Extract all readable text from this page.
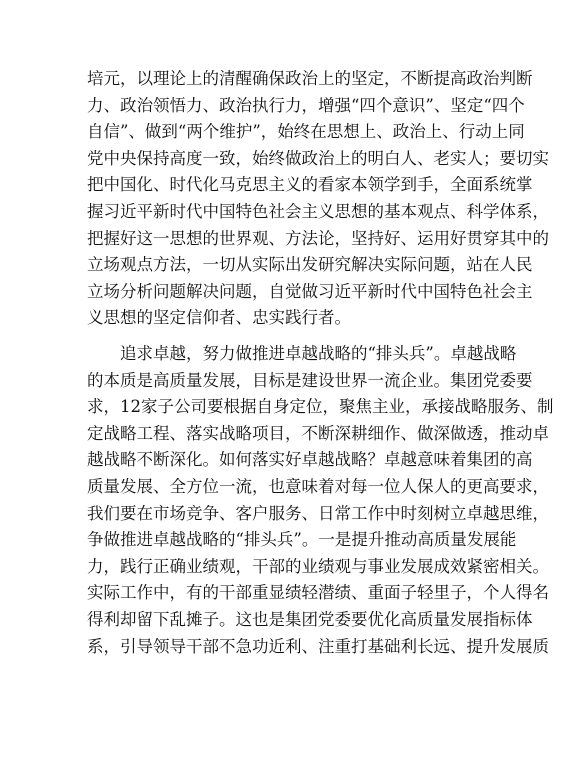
培元，以理论上的清醒确保政治上的坚定，不断提高政治判断
力、政治领悟力、政治执行力，增强“四个意识”、坚定“四个
自信”、做到“两个维护”，始终在思想上、政治上、行动上同
党中央保持高度一致，始终做政治上的明白人、老实人；要切实
把中国化、时代化马克思主义的看家本领学到手，全面系统掌
握习近平新时代中国特色社会主义思想的基本观点、科学体系，
把握好这一思想的世界观、方法论，坚持好、运用好贯穿其中的
立场观点方法，一切从实际出发研究解决实际问题，站在人民
立场分析问题解决问题，自觉做习近平新时代中国特色社会主
义思想的坚定信仰者、忠实践行者。
追求卓越，努力做推进卓越战略的“排头兵”。卓越战略
的本质是高质量发展，目标是建设世界一流企业。集团党委要
求，12家子公司要根据自身定位，聚焦主业，承接战略服务、制
定战略工程、落实战略项目，不断深耕细作、做深做透，推动卓
越战略不断深化。如何落实好卓越战略？卓越意味着集团的高
质量发展、全方位一流，也意味着对每一位人保人的更高要求，
我们要在市场竞争、客户服务、日常工作中时刻树立卓越思维，
争做推进卓越战略的“排头兵”。一是提升推动高质量发展能
力，践行正确业绩观，干部的业绩观与事业发展成效紧密相关。
实际工作中，有的干部重显绩轻潜绩、重面子轻里子，个人得名
得利却留下乱摊子。这也是集团党委要优化高质量发展指标体
系，引导领导干部不急功近利、注重打基础利长远、提升发展质
